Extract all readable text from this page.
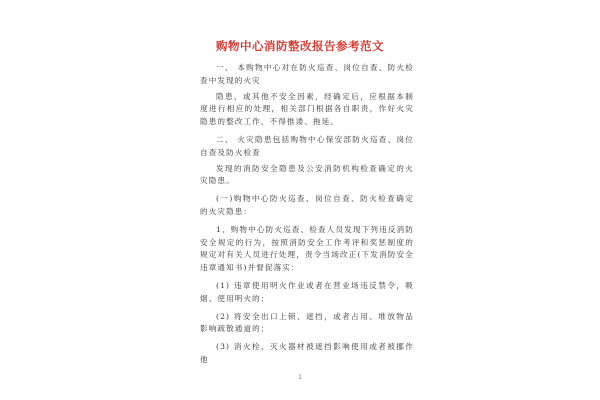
购物中心消防整改报告参考范文

一、 本购物中心对在防火巡查、岗位自查、防火检查中发现的火灾

隐患，或其他不安全因素，经确定后，应根据本制度进行相应的处理，相关部门根据各自职责，作好火灾隐患的整改工作，不得推诿、拖延。

二、 火灾隐患包括购物中心保安部防火巡查、岗位自查及防火检查

发现的消防安全隐患及公安消防机构检查确定的火灾隐患。

(一)购物中心防火巡查、岗位自查、防火检查确定的火灾隐患：

1、购物中心防火巡查、检查人员发现下列违反消防安全规定的行为，按照消防安全工作考评和奖惩制度的规定对有关人员进行处理，责令当场改正(下发消防安全违章通知书)并督促落实：

(1) 违章使用明火作业或者在营业场违反禁令，吸烟、使用明火的；

(2) 将安全出口上锁、遮挡，或者占用、堆放物品影响疏散通道的；

(3) 消火栓、灭火器材被遮挡影响使用或者被挪作他

1
